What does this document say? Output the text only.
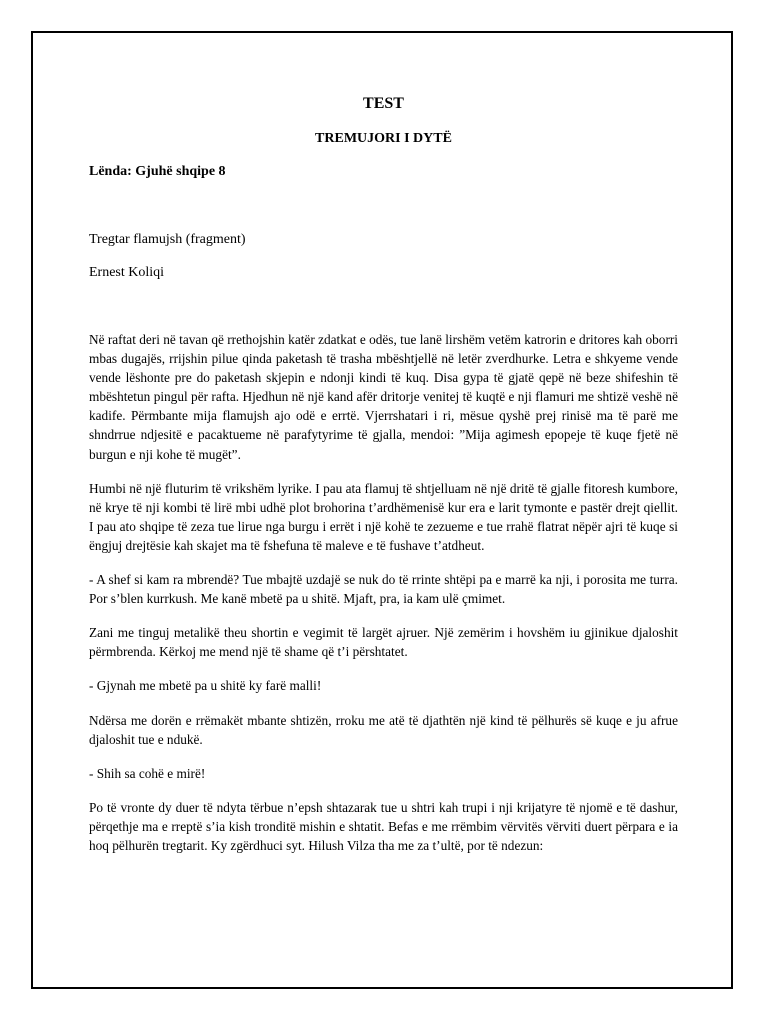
TEST
TREMUJORI I DYTË
Lënda: Gjuhë shqipe 8
Tregtar flamujsh (fragment)
Ernest Koliqi

Në raftat deri në tavan që rrethojshin katër zdatkat e odës, tue lanë lirshëm vetëm katrorin e dritores kah oborri mbas dugajës, rrijshin pilue qinda paketash të trasha mbështjellë në letër zverdhurke. Letra e shkyeme vende vende lëshonte pre do paketash skjepin e ndonji kindi të kuq. Disa gypa të gjatë qepë në beze shifeshin të mbështetun pingul për rafta. Hjedhun në një kand afër dritorje venitej të kuqtë e nji flamuri me shtizë veshë në kadife. Përmbante mija flamujsh ajo odë e errtë. Vjerrshatari i ri, mësue qyshë prej rinisë ma të parë me shndrrue ndjesitë e pacaktueme në parafytyrime të gjalla, mendoi: ”Mija agimesh epopeje të kuqe fjetë në burgun e nji kohe të mugët”.

Humbi në një fluturim të vrikshëm lyrike. I pau ata flamuj të shtjelluam në një dritë të gjalle fitoresh kumbore, në krye të nji kombi të lirë mbi udhë plot brohorina t’ardhëmenisë kur era e larit tymonte e pastër drejt qiellit. I pau ato shqipe të zeza tue lirue nga burgu i errët i një kohë te zezueme e tue rrahë flatrat nëpër ajri të kuqe si ëngjuj drejtësie kah skajet ma të fshefuna të maleve e të fushave t’atdheut.

- A shef si kam ra mbrendë? Tue mbajtë uzdajë se nuk do të rrinte shtëpi pa e marrë ka nji, i porosita me turra. Por s’blen kurrkush. Me kanë mbetë pa u shitë. Mjaft, pra, ia kam ulë çmimet.

Zani me tinguj metalikë theu shortin e vegimit të largët ajruer. Një zemërim i hovshëm iu gjinikue djaloshit përmbrenda. Kërkoj me mend një të shame që t’i përshtatet.

- Gjynah me mbetë pa u shitë ky farë malli!

Ndërsa me dorën e rrëmakët mbante shtizën, rroku me atë të djathtën një kind të pëlhurës së kuqe e ju afrue djaloshit tue e ndukë.

- Shih sa cohë e mirë!

Po të vronte dy duer të ndyta tërbue n’epsh shtazarak tue u shtri kah trupi i nji krijatyre të njomë e të dashur, përqethje ma e rreptë s’ia kish tronditë mishin e shtatit. Befas e me rrëmbim vërvitës vërviti duert përpara e ia hoq pëlhurën tregtarit. Ky zgërdhuci syt. Hilush Vilza tha me za t’ultë, por të ndezun:
